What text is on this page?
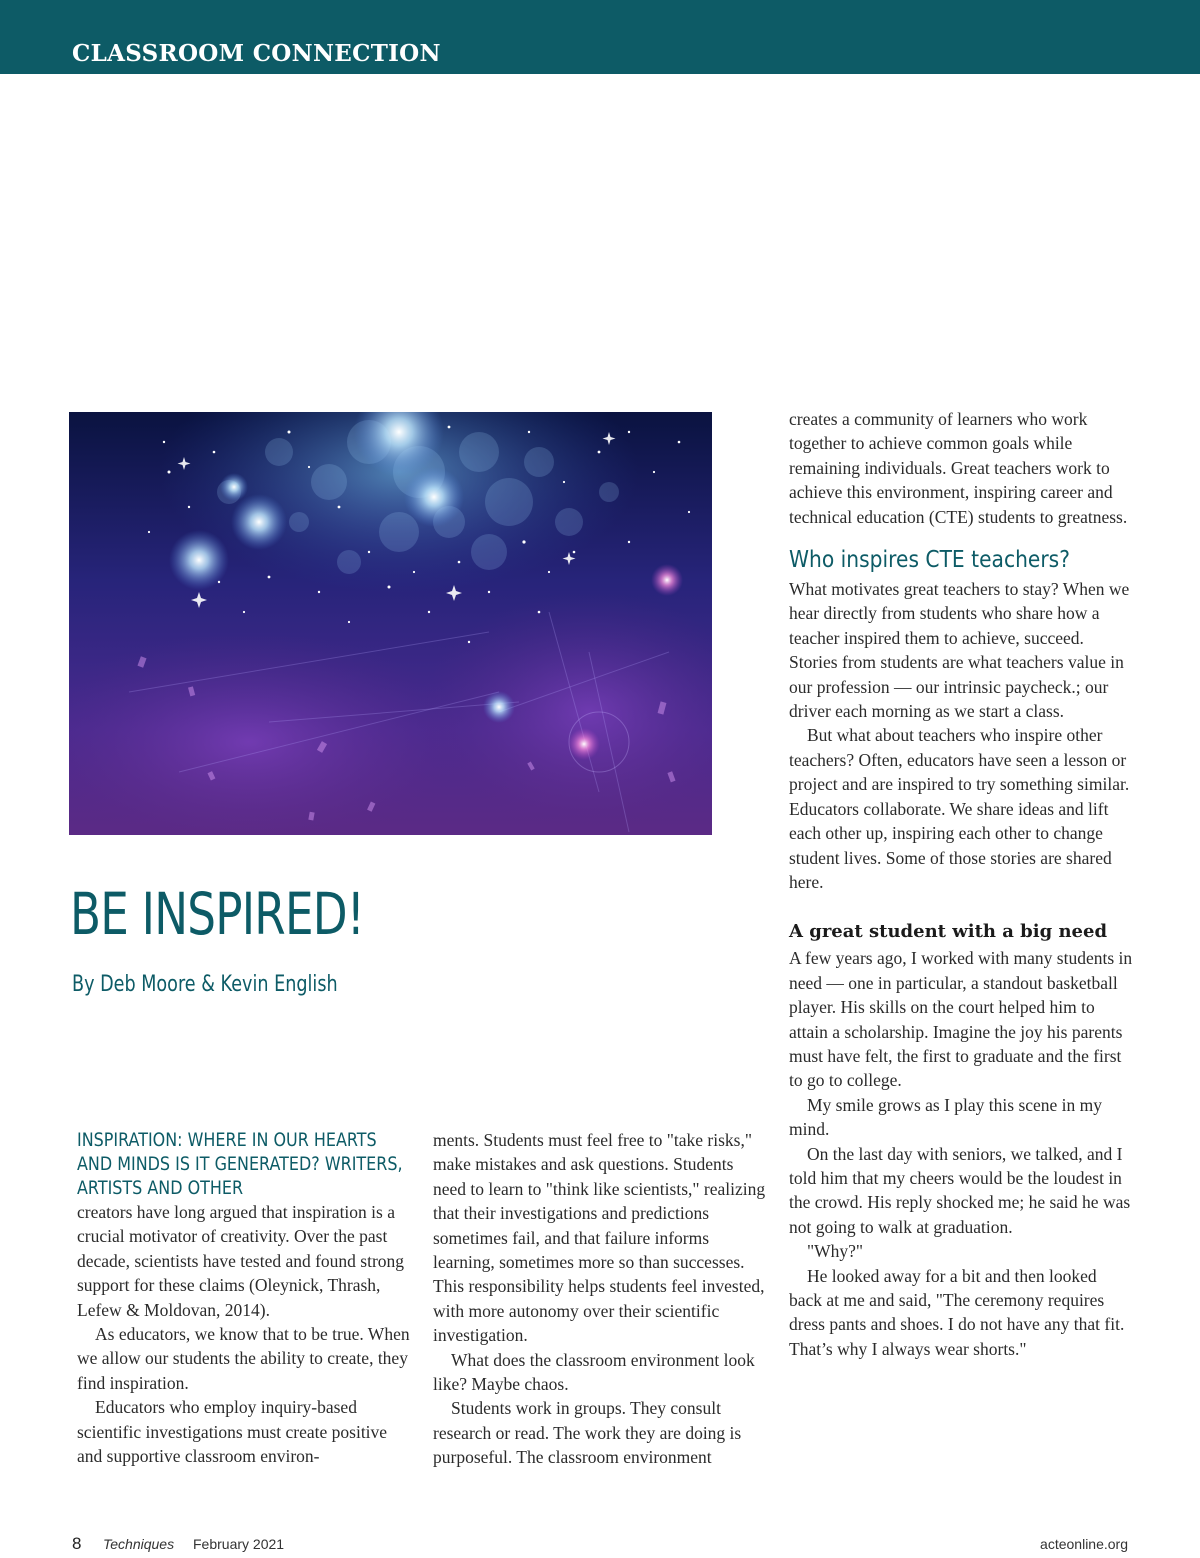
CLASSROOM CONNECTION
BE INSPIRED!
By Deb Moore & Kevin English

INSPIRATION: WHERE IN OUR HEARTS AND MINDS IS IT GENERATED? WRITERS, ARTISTS AND OTHER

creators have long argued that inspiration is a crucial motivator of creativity. Over the past decade, scientists have tested and found strong support for these claims (Oleynick, Thrash, Lefew & Moldovan, 2014).

As educators, we know that to be true. When we allow our students the ability to create, they find inspiration.

Educators who employ inquiry-based scientific investigations must create positive and supportive classroom environ-

ments. Students must feel free to "take risks," make mistakes and ask questions. Students need to learn to "think like scientists," realizing that their investigations and predictions sometimes fail, and that failure informs learning, sometimes more so than successes. This responsibility helps students feel invested, with more autonomy over their scientific investigation.

What does the classroom environment look like? Maybe chaos.

Students work in groups. They consult research or read. The work they are doing is purposeful. The classroom environment

creates a community of learners who work together to achieve common goals while remaining individuals. Great teachers work to achieve this environment, inspiring career and technical education (CTE) students to greatness.

Who inspires CTE teachers?

What motivates great teachers to stay? When we hear directly from students who share how a teacher inspired them to achieve, succeed. Stories from students are what teachers value in our profession — our intrinsic paycheck.; our driver each morning as we start a class.

But what about teachers who inspire other teachers? Often, educators have seen a lesson or project and are inspired to try something similar. Educators collaborate. We share ideas and lift each other up, inspiring each other to change student lives. Some of those stories are shared here.

A great student with a big need

A few years ago, I worked with many students in need — one in particular, a standout basketball player. His skills on the court helped him to attain a scholarship. Imagine the joy his parents must have felt, the first to graduate and the first to go to college.

My smile grows as I play this scene in my mind.

On the last day with seniors, we talked, and I told him that my cheers would be the loudest in the crowd. His reply shocked me; he said he was not going to walk at graduation.

"Why?"

He looked away for a bit and then looked back at me and said, "The ceremony requires dress pants and shoes. I do not have any that fit. That’s why I always wear shorts."

8 Techniques February 2021	acteonline.org
